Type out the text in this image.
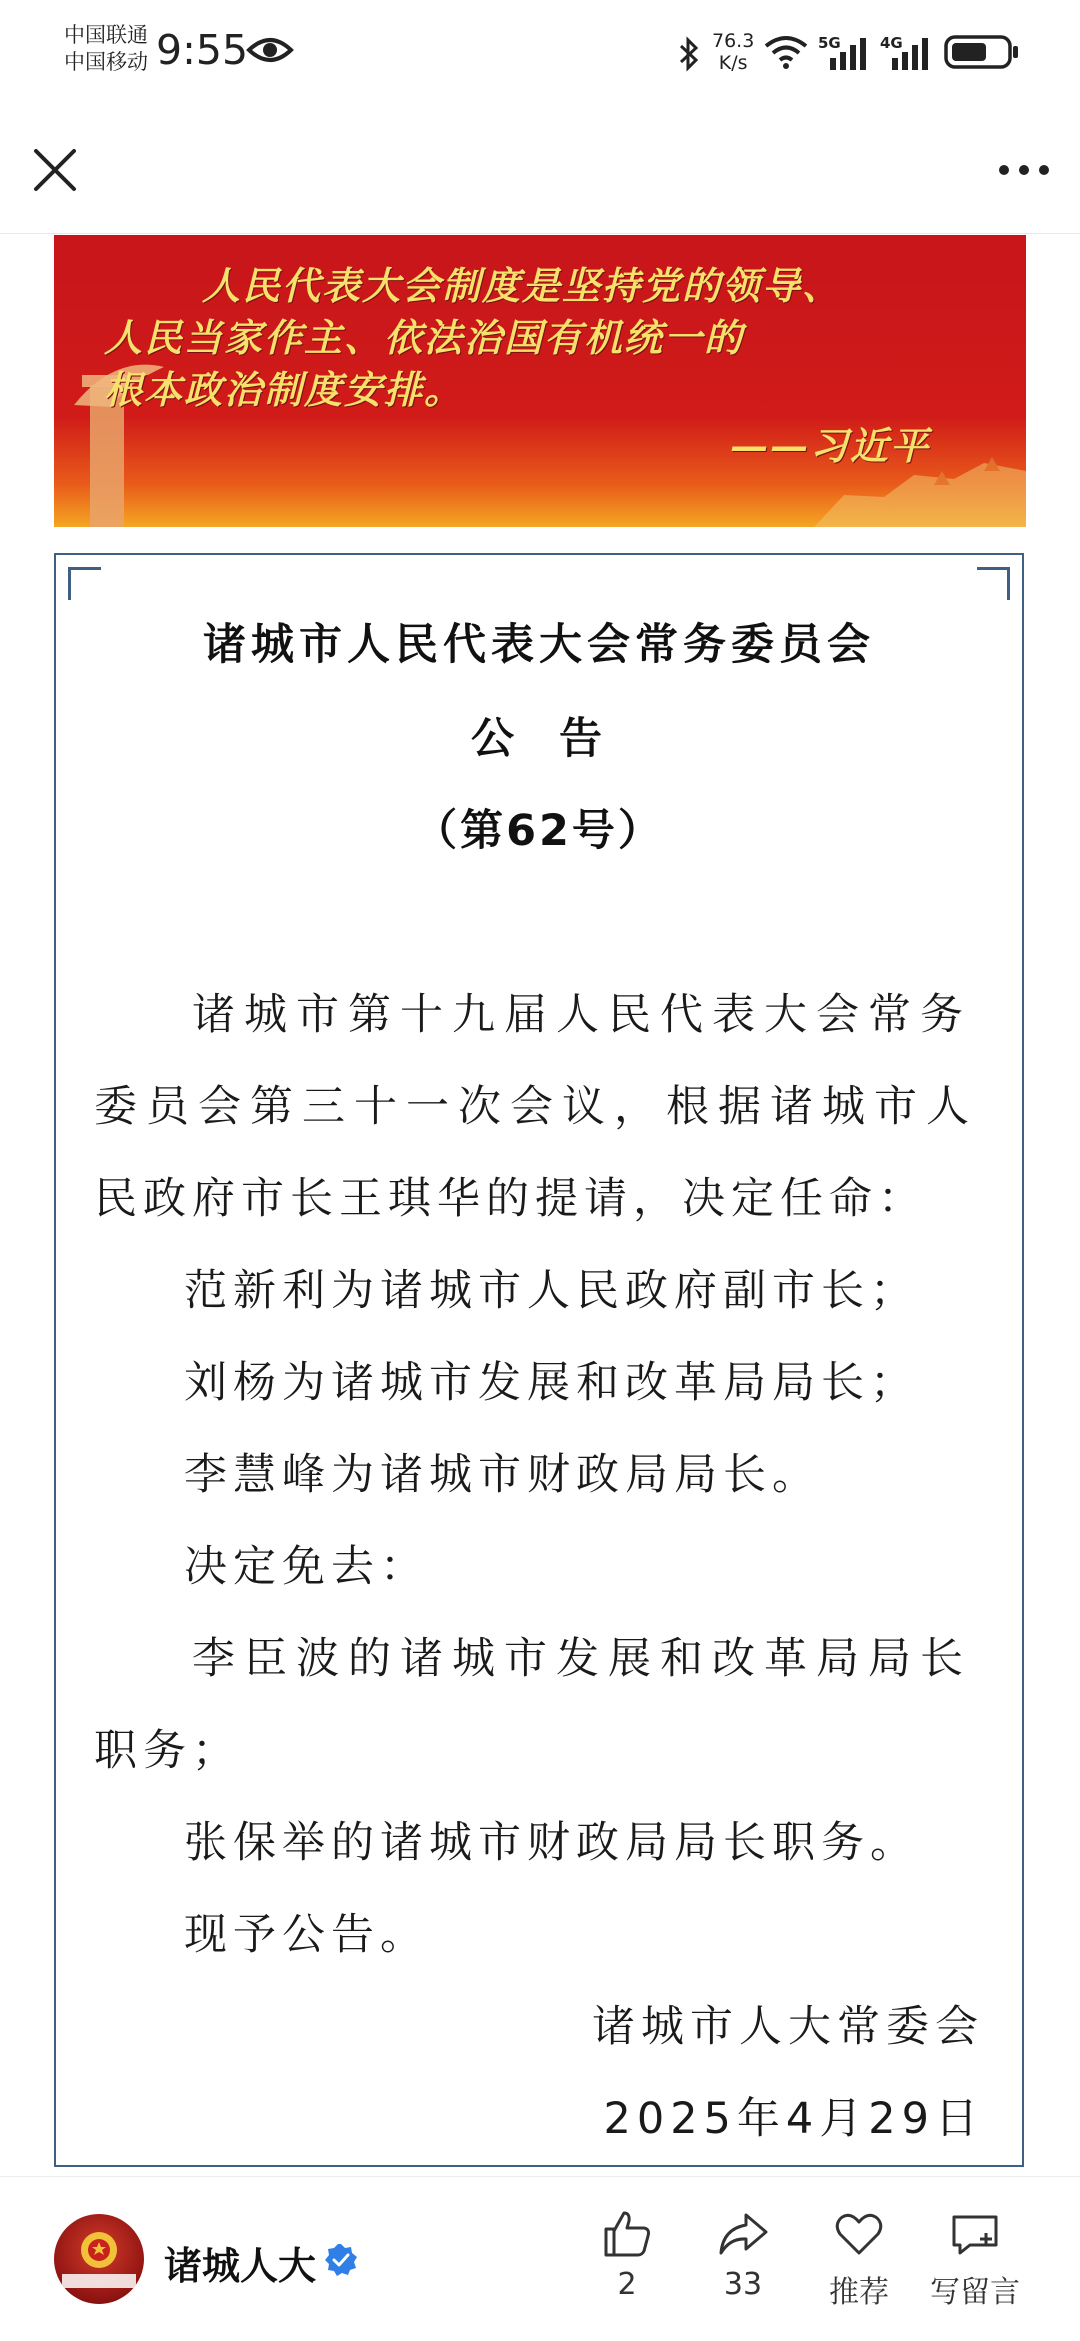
中国联通
中国移动 9:55	76.3
K/s
5G	4G
人民代表大会制度是坚持党的领导、
人民当家作主、依法治国有机统一的
根本政治制度安排。
——习近平
诸城市人民代表大会常务委员会
公  告
（第62号）
诸城市第十九届人民代表大会常务
委员会第三十一次会议，根据诸城市人
民政府市长王琪华的提请，决定任命：
范新利为诸城市人民政府副市长；
刘杨为诸城市发展和改革局局长；
李慧峰为诸城市财政局局长。
决定免去：
李臣波的诸城市发展和改革局局长
职务；
张保举的诸城市财政局局长职务。
现予公告。
诸城市人大常委会
2025年4月29日
诸城人大	2	33	推荐	写留言
